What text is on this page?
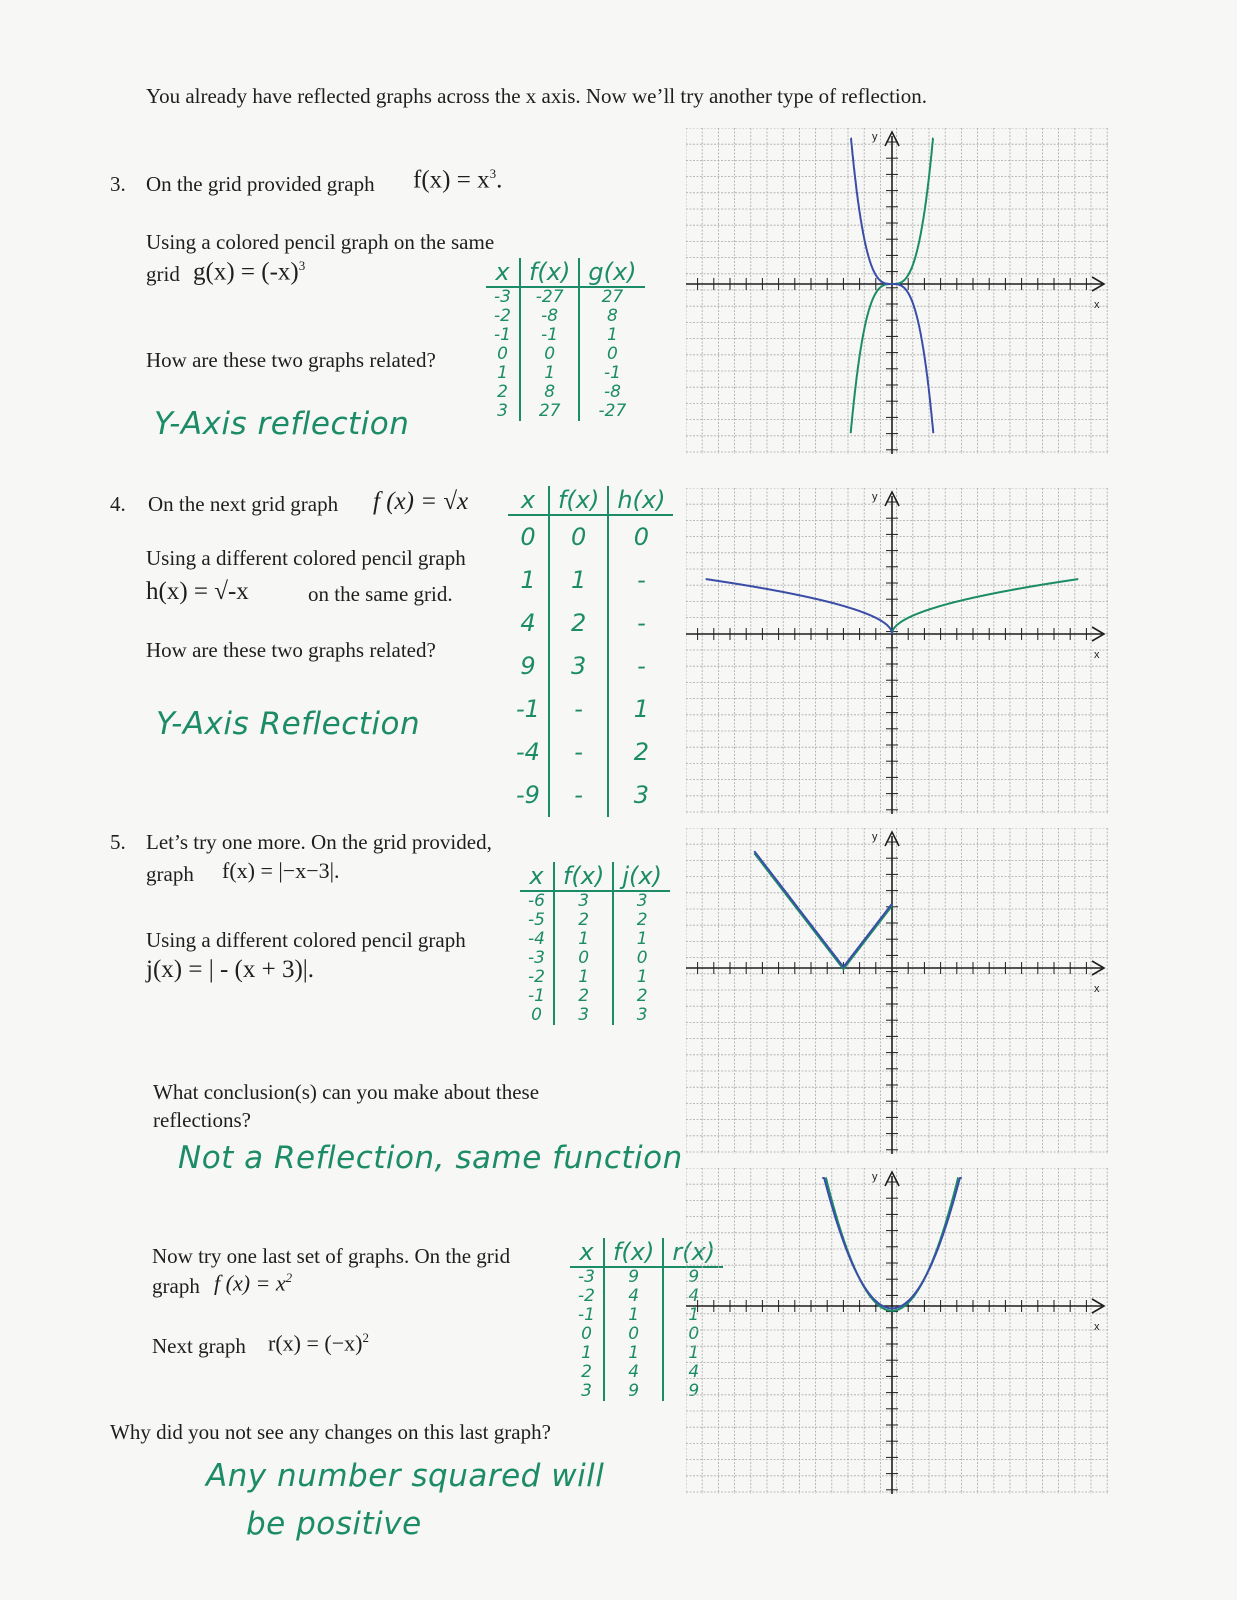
You already have reflected graphs across the x axis. Now we’ll try another type of reflection.
3. On the grid provided graph $f(x) = x^3$.
Using a colored pencil graph on the same
grid $g(x) = (-x)^3$
How are these two graphs related?
Y-Axis reflection
x	f(x)	g(x)
-3	-27	27
-2	-8	8
-1	-1	1
0	0	0
1	1	-1
2	8	-8
3	27	-27
4. On the next grid graph f (x) = √x
Using a different colored pencil graph
h(x) = √-x	on the same grid.
How are these two graphs related?
Y-Axis Reflection
x	f(x)	h(x)
0	0	0
1	1	-
4	2	-
9	3	-
-1	-	1
-4	-	2
-9	-	3
5. Let’s try one more. On the grid provided,
graph f(x) = |−x−3|.
Using a different colored pencil graph
j(x) = | - (x + 3)|.
What conclusion(s) can you make about these reflections?
Not a Reflection, same function
x	f(x)	j(x)
-6	3	3
-5	2	2
-4	1	1
-3	0	0
-2	1	1
-1	2	2
0	3	3
Now try one last set of graphs. On the grid
graph f $(x) = x^2$
Next graph $r(x) = (-x)^2$
Why did you not see any changes on this last graph?
Any number squared will
be positive
x	f(x)	r(x)
-3	9	9
-2	4	4
-1	1	1
0	0	0
1	1	1
2	4	4
3	9	9
x
y
x
y
x
y
x
y
